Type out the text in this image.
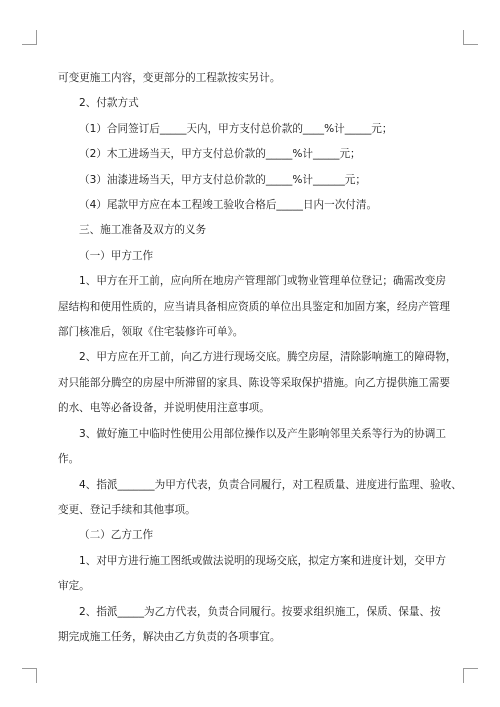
可变更施工内容，变更部分的工程款按实另计。

2、付款方式

（1）合同签订后_____天内，甲方支付总价款的____%计_____元；

（2）木工进场当天，甲方支付总价款的_____%计_____元；

（3）油漆进场当天，甲方支付总价款的_____%计______元；

（4）尾款甲方应在本工程竣工验收合格后_____日内一次付清。

三、施工准备及双方的义务

（一）甲方工作

1、甲方在开工前，应向所在地房产管理部门或物业管理单位登记；确需改变房

屋结构和使用性质的，应当请具备相应资质的单位出具鉴定和加固方案，经房产管理

部门核准后，领取《住宅装修许可单》。

2、甲方应在开工前，向乙方进行现场交底。腾空房屋，清除影响施工的障碍物，

对只能部分腾空的房屋中所滞留的家具、陈设等采取保护措施。向乙方提供施工需要

的水、电等必备设备，并说明使用注意事项。

3、做好施工中临时性使用公用部位操作以及产生影响邻里关系等行为的协调工

作。

4、指派_______为甲方代表，负责合同履行，对工程质量、进度进行监理、验收、

变更、登记手续和其他事项。

（二）乙方工作

1、对甲方进行施工图纸或做法说明的现场交底，拟定方案和进度计划，交甲方

审定。

2、指派_____为乙方代表，负责合同履行。按要求组织施工，保质、保量、按

期完成施工任务，解决由乙方负责的各项事宜。
